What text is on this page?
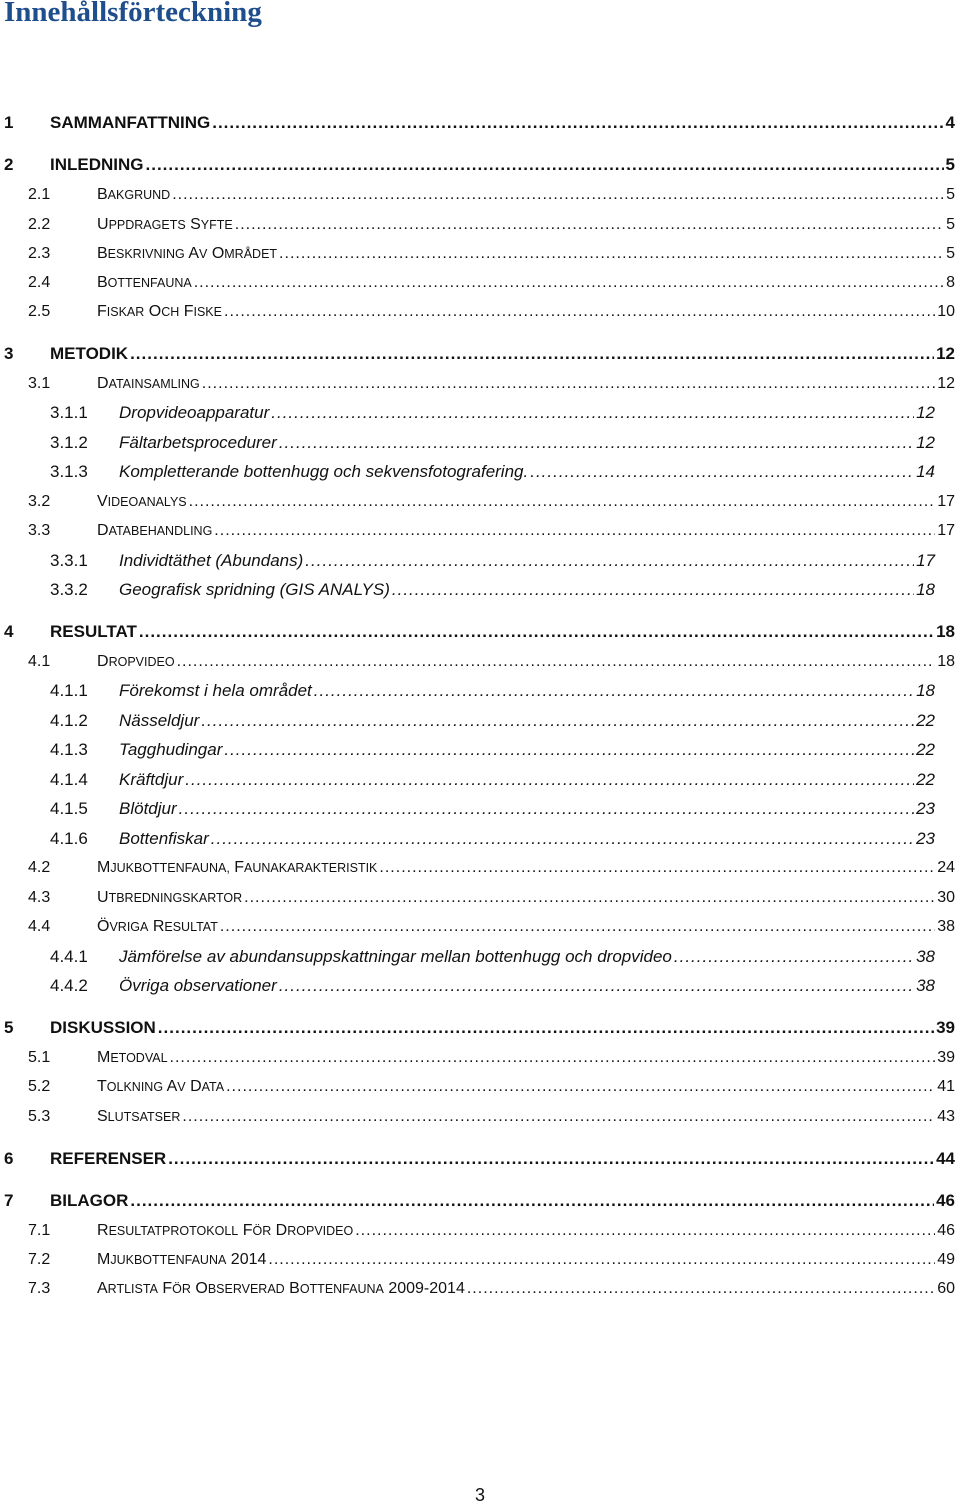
Innehållsförteckning
1	SAMMANFATTNING .....	4
2	INLEDNING .....	5
2.1	BAKGRUND .....	5
2.2	UPPDRAGETS SYFTE .....	5
2.3	BESKRIVNING AV OMRÅDET .....	5
2.4	BOTTENFAUNA .....	8
2.5	FISKAR OCH FISKE .....	10
3	METODIK .....	12
3.1	DATAINSAMLING .....	12
3.1.1	Dropvideoapparatur .....	12
3.1.2	Fältarbetsprocedurer .....	12
3.1.3	Kompletterande bottenhugg och sekvensfotografering. .....	14
3.2	VIDEOANALYS .....	17
3.3	DATABEHANDLING .....	17
3.3.1	Individtäthet (Abundans) .....	17
3.3.2	Geografisk spridning (GIS ANALYS) .....	18
4	RESULTAT .....	18
4.1	DROPVIDEO .....	18
4.1.1	Förekomst i hela området .....	18
4.1.2	Nässeldjur .....	22
4.1.3	Tagghudingar .....	22
4.1.4	Kräftdjur .....	22
4.1.5	Blötdjur .....	23
4.1.6	Bottenfiskar .....	23
4.2	MJUKBOTTENFAUNA, FAUNAKARAKTERISTIK .....	24
4.3	UTBREDNINGSKARTOR .....	30
4.4	ÖVRIGA RESULTAT .....	38
4.4.1	Jämförelse av abundansuppskattningar mellan bottenhugg och dropvideo .....	38
4.4.2	Övriga observationer .....	38
5	DISKUSSION .....	39
5.1	METODVAL .....	39
5.2	TOLKNING AV DATA .....	41
5.3	SLUTSATSER .....	43
6	REFERENSER .....	44
7	BILAGOR .....	46
7.1	RESULTATPROTOKOLL FÖR DROPVIDEO .....	46
7.2	MJUKBOTTENFAUNA 2014 .....	49
7.3	ARTLISTA FÖR OBSERVERAD BOTTENFAUNA 2009-2014 .....	60
3
